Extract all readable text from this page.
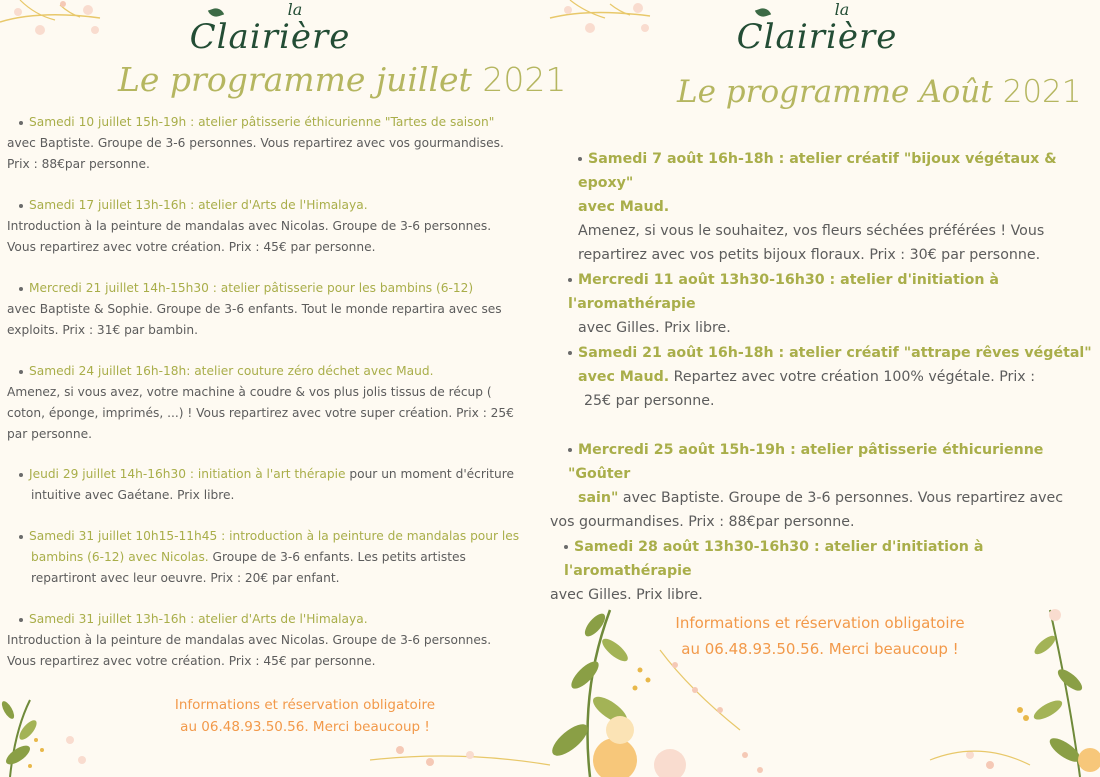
la
Clairière
Le programme juillet 2021
Samedi 10 juillet 15h-19h : atelier pâtisserie éthicurienne "Tartes de saison"
avec Baptiste. Groupe de 3-6 personnes. Vous repartirez avec vos gourmandises.
Prix : 88€par personne.
Samedi 17 juillet 13h-16h : atelier d'Arts de l'Himalaya.
Introduction à la peinture de mandalas avec Nicolas. Groupe de 3-6 personnes.
Vous repartirez avec votre création. Prix : 45€ par personne.
Mercredi 21 juillet 14h-15h30 : atelier pâtisserie pour les bambins (6-12)
avec Baptiste & Sophie. Groupe de 3-6 enfants. Tout le monde repartira avec ses
exploits. Prix : 31€ par bambin.
Samedi 24 juillet 16h-18h: atelier couture zéro déchet avec Maud.
Amenez, si vous avez, votre machine à coudre & vos plus jolis tissus de récup (
coton, éponge, imprimés, ...) ! Vous repartirez avec votre super création. Prix : 25€
par personne.
Jeudi 29 juillet 14h-16h30 : initiation à l'art thérapie pour un moment d'écriture
intuitive avec Gaétane. Prix libre.
Samedi 31 juillet 10h15-11h45 : introduction à la peinture de mandalas pour les
bambins (6-12) avec Nicolas. Groupe de 3-6 enfants. Les petits artistes
repartiront avec leur oeuvre. Prix : 20€ par enfant.
Samedi 31 juillet 13h-16h : atelier d'Arts de l'Himalaya.
Introduction à la peinture de mandalas avec Nicolas. Groupe de 3-6 personnes.
Vous repartirez avec votre création. Prix : 45€ par personne.
Informations et réservation obligatoire
au 06.48.93.50.56. Merci beaucoup !
la
Clairière
Le programme Août 2021
Samedi 7 août 16h-18h : atelier créatif "bijoux végétaux & epoxy"
avec Maud.
Amenez, si vous le souhaitez, vos fleurs séchées préférées ! Vous
repartirez avec vos petits bijoux floraux. Prix : 30€ par personne.
Mercredi 11 août 13h30-16h30 : atelier d'initiation à l'aromathérapie
avec Gilles. Prix libre.
Samedi 21 août 16h-18h : atelier créatif "attrape rêves végétal"
avec Maud. Repartez avec votre création 100% végétale. Prix :
25€ par personne.
Mercredi 25 août 15h-19h : atelier pâtisserie éthicurienne "Goûter
sain" avec Baptiste. Groupe de 3-6 personnes. Vous repartirez avec
vos gourmandises. Prix : 88€par personne.
Samedi 28 août 13h30-16h30 : atelier d'initiation à l'aromathérapie
avec Gilles. Prix libre.
Informations et réservation obligatoire
au 06.48.93.50.56. Merci beaucoup !
